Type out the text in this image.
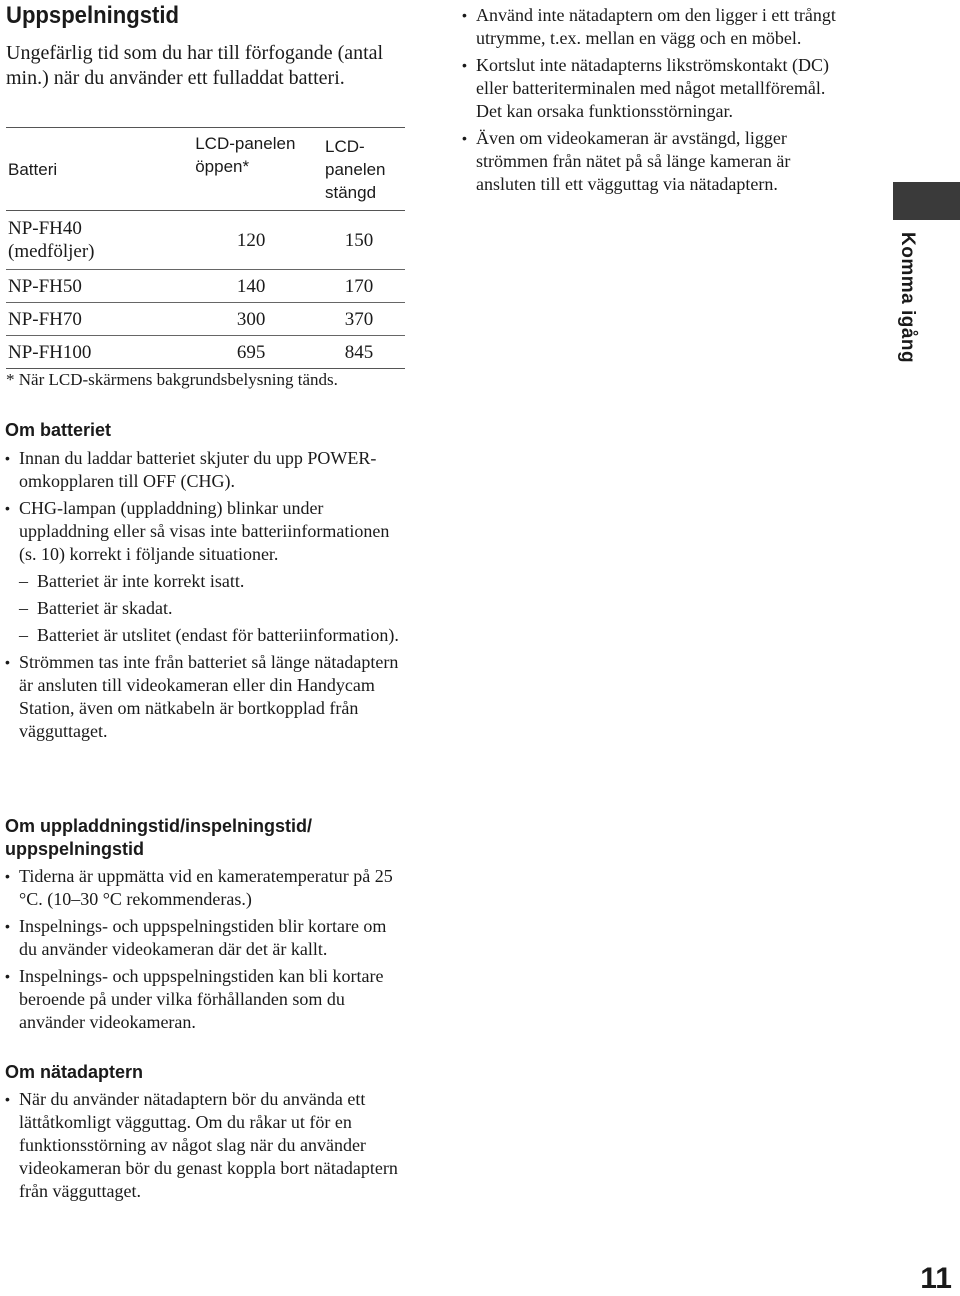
Uppspelningstid

Ungefärlig tid som du har till förfogande (antal min.) när du använder ett fulladdat batteri.

Batteri	LCD-panelen öppen*	LCD-panelen stängd

NP-FH40 (medföljer)	120	150
NP-FH50	140	170
NP-FH70	300	370
NP-FH100	695	845

* När LCD-skärmens bakgrundsbelysning tänds.

Om batteriet
• Innan du laddar batteriet skjuter du upp POWER-omkopplaren till OFF (CHG).
• CHG-lampan (uppladdning) blinkar under uppladdning eller så visas inte batteriinformationen (s. 10) korrekt i följande situationer.
– Batteriet är inte korrekt isatt.
– Batteriet är skadat.
– Batteriet är utslitet (endast för batteriinformation).
• Strömmen tas inte från batteriet så länge nätadaptern är ansluten till videokameran eller din Handycam Station, även om nätkabeln är bortkopplad från vägguttaget.
Om uppladdningstid/inspelningstid/ uppspelningstid
• Tiderna är uppmätta vid en kameratemperatur på 25 °C. (10–30 °C rekommenderas.)
• Inspelnings- och uppspelningstiden blir kortare om du använder videokameran där det är kallt.
• Inspelnings- och uppspelningstiden kan bli kortare beroende på under vilka förhållanden som du använder videokameran.
Om nätadaptern
• När du använder nätadaptern bör du använda ett lättåtkomligt vägguttag. Om du råkar ut för en funktionsstörning av något slag när du använder videokameran bör du genast koppla bort nätadaptern från vägguttaget.
• Använd inte nätadaptern om den ligger i ett trångt utrymme, t.ex. mellan en vägg och en möbel.
• Kortslut inte nätadapterns likströmskontakt (DC) eller batteriterminalen med något metallföremål. Det kan orsaka funktionsstörningar.
• Även om videokameran är avstängd, ligger strömmen från nätet på så länge kameran är ansluten till ett vägguttag via nätadaptern.
Komma igång
11
